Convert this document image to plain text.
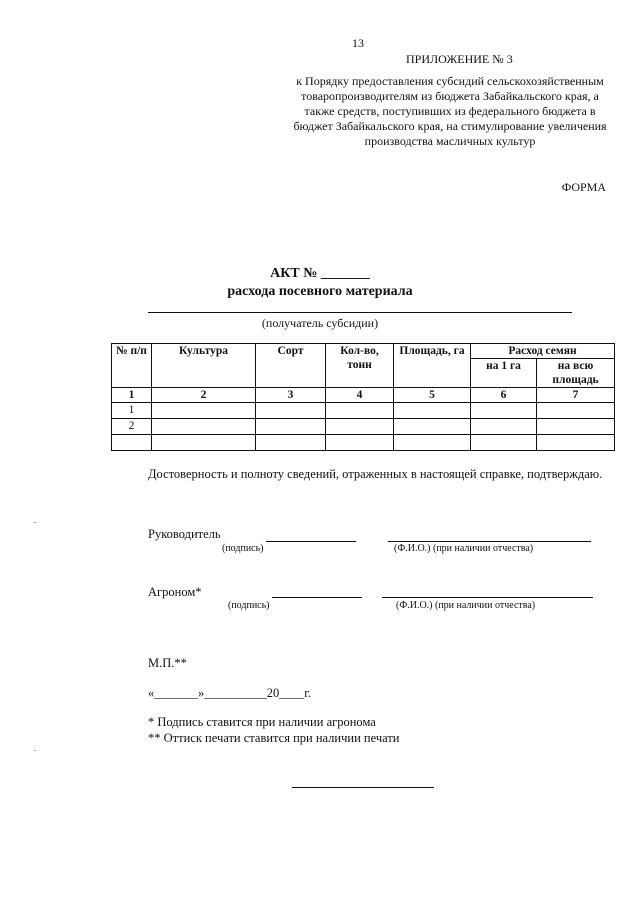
13
ПРИЛОЖЕНИЕ № 3
к Порядку предоставления субсидий сельскохозяйственным товаропроизводителям из бюджета Забайкальского края, а также средств, поступивших из федерального бюджета в бюджет Забайкальского края, на стимулирование увеличения производства масличных культур
ФОРМА
АКТ № _______
расхода посевного материала
(получатель субсидии)
№ п/п	Культура	Сорт	Кол-во, тонн	Площадь, га	Расход семян	
					на 1 га	на всю площадь
1	2	3	4	5	6	7
1						
2						

Достоверность и полноту сведений, отраженных в настоящей справке, подтверждаю.
Руководитель
(подпись)	(Ф.И.О.) (при наличии отчества)
Агроном*
(подпись)	(Ф.И.О.) (при наличии отчества)
М.П.**
«_______»__________20____г.
* Подпись ставится при наличии агронома
** Оттиск печати ставится при наличии печати
